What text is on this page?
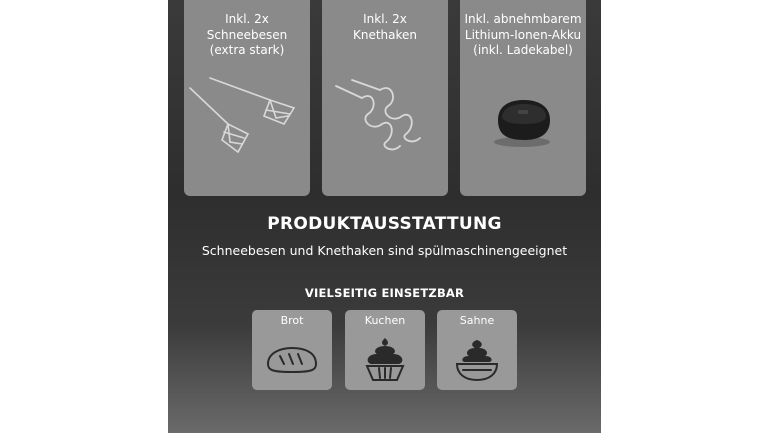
Inkl. 2x
Schneebesen
(extra stark)
Inkl. 2x
Knethaken
Inkl. abnehmbarem
Lithium-Ionen-Akku
(inkl. Ladekabel)
PRODUKTAUSSTATTUNG
Schneebesen und Knethaken sind spülmaschinengeeignet
VIELSEITIG EINSETZBAR
Brot	Kuchen	Sahne
